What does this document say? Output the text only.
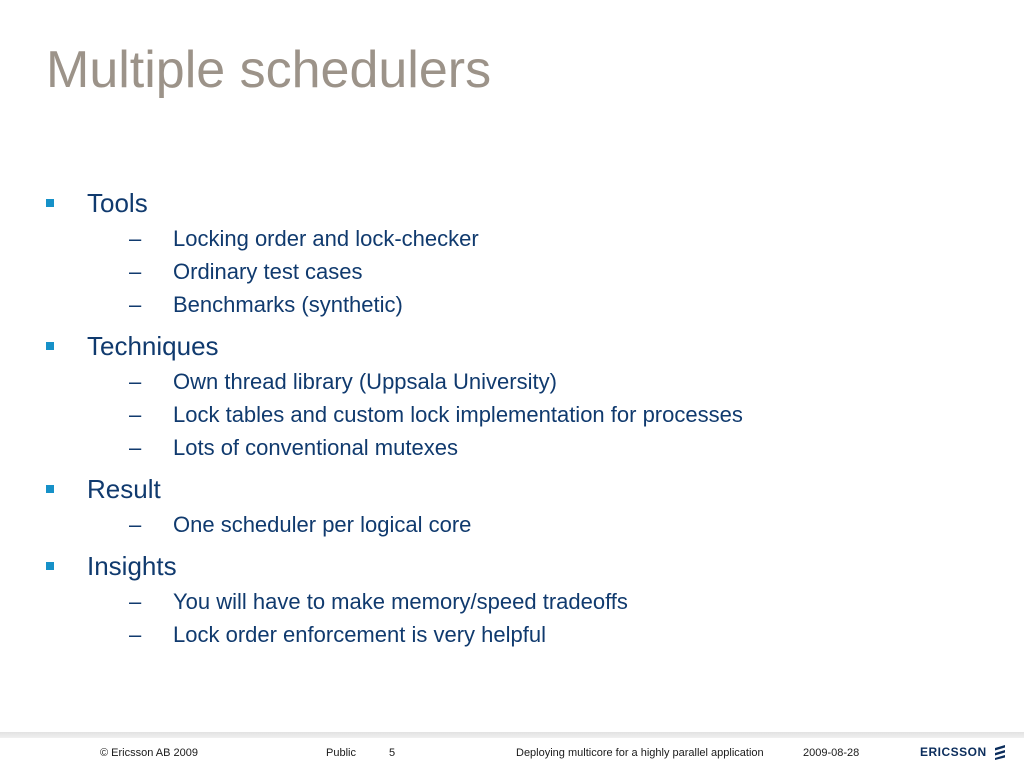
Multiple schedulers
Tools
– Locking order and lock-checker
– Ordinary test cases
– Benchmarks (synthetic)
Techniques
– Own thread library (Uppsala University)
– Lock tables and custom lock implementation for processes
– Lots of conventional mutexes
Result
– One scheduler per logical core
Insights
– You will have to make memory/speed tradeoffs
– Lock order enforcement is very helpful
© Ericsson AB 2009	Public	5	Deploying multicore for a highly parallel application	2009-08-28	ERICSSON
